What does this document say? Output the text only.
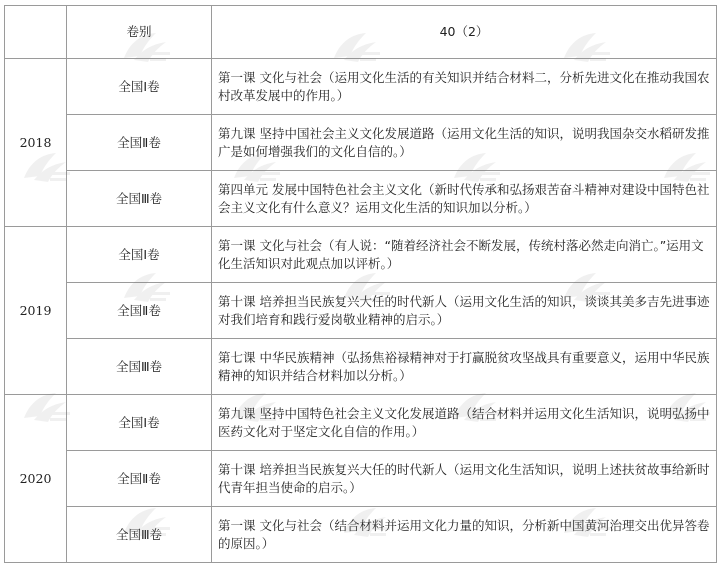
	卷别	40（2）
2018	全国Ⅰ卷	第一课 文化与社会（运用文化生活的有关知识并结合材料二，分析先进文化在推动我国农村改革发展中的作用。）
	全国Ⅱ卷	第九课 坚持中国社会主义文化发展道路（运用文化生活的知识，说明我国杂交水稻研发推广是如何增强我们的文化自信的。）
	全国Ⅲ卷	第四单元 发展中国特色社会主义文化（新时代传承和弘扬艰苦奋斗精神对建设中国特色社会主义文化有什么意义？运用文化生活的知识加以分析。）
2019	全国Ⅰ卷	第一课 文化与社会（有人说：“随着经济社会不断发展，传统村落必然走向消亡。”运用文化生活知识对此观点加以评析。）
	全国Ⅱ卷	第十课 培养担当民族复兴大任的时代新人（运用文化生活的知识，谈谈其美多吉先进事迹对我们培育和践行爱岗敬业精神的启示。）
	全国Ⅲ卷	第七课 中华民族精神（弘扬焦裕禄精神对于打赢脱贫攻坚战具有重要意义，运用中华民族精神的知识并结合材料加以分析。）
2020	全国Ⅰ卷	第九课 坚持中国特色社会主义文化发展道路（结合材料并运用文化生活知识，说明弘扬中医药文化对于坚定文化自信的作用。）
	全国Ⅱ卷	第十课 培养担当民族复兴大任的时代新人（运用文化生活知识，说明上述扶贫故事给新时代青年担当使命的启示。）
	全国Ⅲ卷	第一课 文化与社会（结合材料并运用文化力量的知识，分析新中国黄河治理交出优异答卷的原因。）
